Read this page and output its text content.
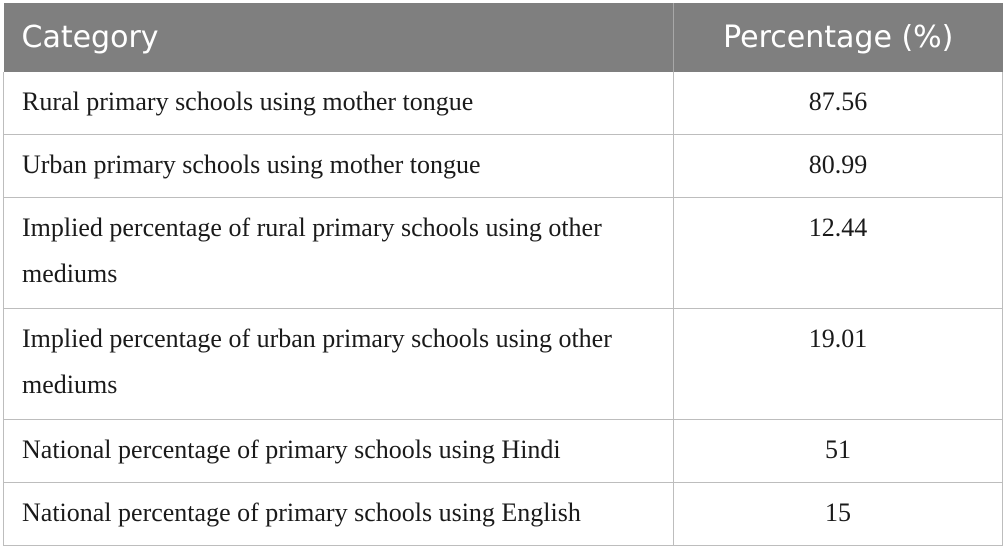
Category	Percentage (%)
Rural primary schools using mother tongue	87.56
Urban primary schools using mother tongue	80.99
Implied percentage of rural primary schools using other mediums	12.44
Implied percentage of urban primary schools using other mediums	19.01
National percentage of primary schools using Hindi	51
National percentage of primary schools using English	15
